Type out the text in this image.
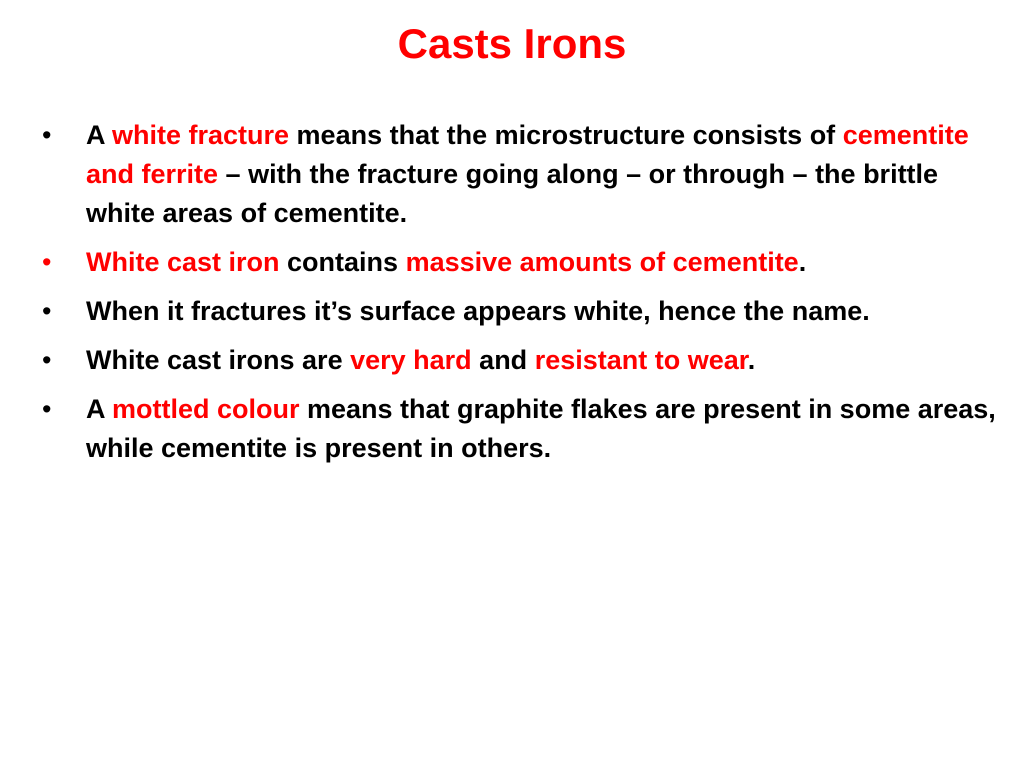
Casts Irons
•	A white fracture means that the microstructure consists of cementite and ferrite – with the fracture going along – or through – the brittle white areas of cementite.
•	White cast iron contains massive amounts of cementite.
•	When it fractures it’s surface appears white, hence the name.
•	White cast irons are very hard and resistant to wear.
•	A mottled colour means that graphite flakes are present in some areas, while cementite is present in others.
